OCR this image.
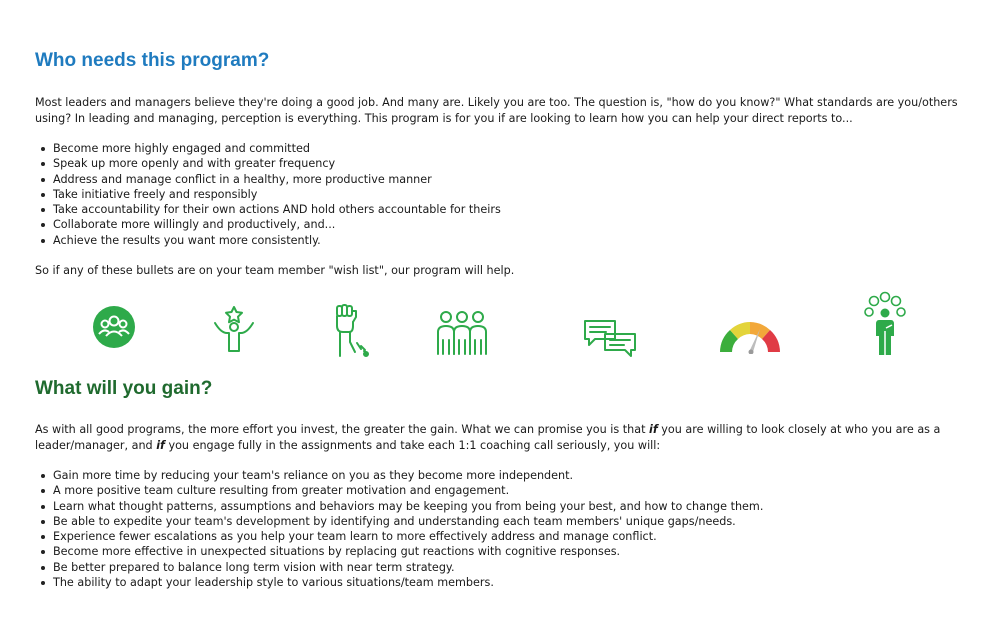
Who needs this program?

Most leaders and managers believe they're doing a good job. And many are. Likely you are too. The question is, "how do you know?" What standards are you/others using? In leading and managing, perception is everything. This program is for you if are looking to learn how you can help your direct reports to...

Become more highly engaged and committed
Speak up more openly and with greater frequency
Address and manage conflict in a healthy, more productive manner
Take initiative freely and responsibly
Take accountability for their own actions AND hold others accountable for theirs
Collaborate more willingly and productively, and...
Achieve the results you want more consistently.

So if any of these bullets are on your team member "wish list", our program will help.

What will you gain?

As with all good programs, the more effort you invest, the greater the gain. What we can promise you is that if you are willing to look closely at who you are as a leader/manager, and if you engage fully in the assignments and take each 1:1 coaching call seriously, you will:

Gain more time by reducing your team's reliance on you as they become more independent.
A more positive team culture resulting from greater motivation and engagement.
Learn what thought patterns, assumptions and behaviors may be keeping you from being your best, and how to change them.
Be able to expedite your team's development by identifying and understanding each team members' unique gaps/needs.
Experience fewer escalations as you help your team learn to more effectively address and manage conflict.
Become more effective in unexpected situations by replacing gut reactions with cognitive responses.
Be better prepared to balance long term vision with near term strategy.
The ability to adapt your leadership style to various situations/team members.
